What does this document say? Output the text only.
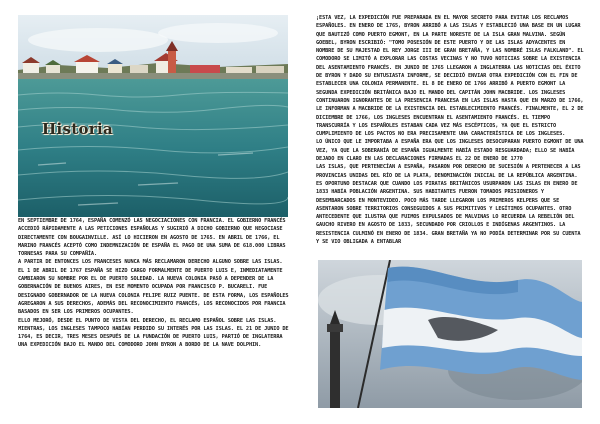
Historia
EN SEPTIEMBRE DE 1764, ESPAÑA COMENZÓ LAS NEGOCIACIONES CON FRANCIA. EL GOBIERNO FRANCÉS ACCEDIÓ RÁPIDAMENTE A LAS PETICIONES ESPAÑOLAS Y SUGIRIÓ A DICHO GOBIERNO QUE NEGOCIASE DIRECTAMENTE CON BOUGAINVILLE. ASÍ LO HICIERON EN AGOSTO DE 1765. EN ABRIL DE 1766, EL MARINO FRANCÉS ACEPTÓ COMO INDEMNIZACIÓN DE ESPAÑA EL PAGO DE UNA SUMA DE 618.000 LIBRAS TORNESAS PARA SU COMPAÑÍA.
A PARTIR DE ENTONCES LOS FRANCESES NUNCA MÁS RECLAMARON DERECHO ALGUNO SOBRE LAS ISLAS. EL 1 DE ABRIL DE 1767 ESPAÑA SE HIZO CARGO FORMALMENTE DE PUERTO LUIS E, INMEDIATAMENTE CAMBIARON SU NOMBRE POR EL DE PUERTO SOLEDAD. LA NUEVA COLONIA PASÓ A DEPENDER DE LA GOBERNACIÓN DE BUENOS AIRES, EN ESE MOMENTO OCUPADA POR FRANCISCO P. BUCARELI. FUE DESIGNADO GOBERNADOR DE LA NUEVA COLONIA FELIPE RUIZ PUENTE. DE ESTA FORMA, LOS ESPAÑOLES AGREGARON A SUS DERECHOS, ADEMÁS DEL RECONOCIMIENTO FRANCÉS, LOS RECONOCIDOS POR FRANCIA BASADOS EN SER LOS PRIMEROS OCUPANTES.
ELLO MEJORÓ, DESDE EL PUNTO DE VISTA DEL DERECHO, EL RECLAMO ESPAÑOL SOBRE LAS ISLAS. MIENTRAS, LOS INGLESES TAMPOCO HABÍAN PERDIDO SU INTERÉS POR LAS ISLAS. EL 21 DE JUNIO DE 1764, ES DECIR, TRES MESES DESPUÉS DE LA FUNDACIÓN DE PUERTO LUIS, PARTIÓ DE INGLATERRA UNA EXPEDICIÓN BAJO EL MANDO DEL COMODORO JOHN BYRON A BORDO DE LA NAVE DOLPHIN.
¡ESTA VEZ, LA EXPEDICIÓN FUE PREPARADA EN EL MAYOR SECRETO PARA EVITAR LOS RECLAMOS ESPAÑOLES. EN ENERO DE 1765, BYRON ARRIBÓ A LAS ISLAS Y ESTABLECIÓ UNA BASE EN UN LUGAR QUE BAUTIZÓ COMO PUERTO EGMONT, EN LA PARTE NORESTE DE LA ISLA GRAN MALVINA. SEGÚN GOEBEL, BYRON ESCRIBIÓ: "TOMO POSESIÓN DE ESTE PUERTO Y DE LAS ISLAS ADYACENTES EN NOMBRE DE SU MAJESTAD EL REY JORGE III DE GRAN BRETAÑA, Y LAS NOMBRÉ ISLAS FALKLAND". EL COMODORO SE LIMITÓ A EXPLORAR LAS COSTAS VECINAS Y NO TUVO NOTICIAS SOBRE LA EXISTENCIA DEL ASENTAMIENTO FRANCÉS. EN JUNIO DE 1765 LLEGARON A INGLATERRA LAS NOTICIAS DEL ÉXITO DE BYRON Y DADO SU ENTUSIASTA INFORME, SE DECIDIÓ ENVIAR OTRA EXPEDICIÓN CON EL FIN DE ESTABLECER UNA COLONIA PERMANENTE. EL 8 DE ENERO DE 1766 ARRIBÓ A PUERTO EGMONT LA SEGUNDA EXPEDICIÓN BRITÁNICA BAJO EL MANDO DEL CAPITÁN JOHN MACBRIDE. LOS INGLESES CONTINUARON IGNORANTES DE LA PRESENCIA FRANCESA EN LAS ISLAS HASTA QUE EN MARZO DE 1766, LE INFORMAN A MACBRIDE DE LA EXISTENCIA DEL ESTABLECIMIENTO FRANCÉS. FINALMENTE, EL 2 DE DICIEMBRE DE 1766, LOS INGLESES ENCUENTRAN EL ASENTAMIENTO FRANCÉS. EL TIEMPO TRANSCURRÍA Y LOS ESPAÑOLES ESTABAN CADA VEZ MÁS ESCÉPTICOS, YA QUE EL ESTRICTO CUMPLIMIENTO DE LOS PACTOS NO ERA PRECISAMENTE UNA CARACTERÍSTICA DE LOS INGLESES.
LO ÚNICO QUE LE IMPORTABA A ESPAÑA ERA QUE LOS INGLESES DESOCUPARAN PUERTO EGMONT DE UNA VEZ, YA QUE LA SOBERANÍA DE ESPAÑA IGUALMENTE HABÍA ESTADO RESGUARDADA; ELLO SE HABÍA DEJADO EN CLARO EN LAS DECLARACIONES FIRMADAS EL 22 DE ENERO DE 1770
LAS ISLAS, QUE PERTENECÍAN A ESPAÑA, PASARON POR DERECHO DE SUCESIÓN A PERTENECER A LAS PROVINCIAS UNIDAS DEL RÍO DE LA PLATA, DENOMINACIÓN INICIAL DE LA REPÚBLICA ARGENTINA. ES OPORTUNO DESTACAR QUE CUANDO LOS PIRATAS BRITÁNICOS USURPARON LAS ISLAS EN ENERO DE 1833 HABÍA POBLACIÓN ARGENTINA. SUS HABITANTES FUERON TOMADOS PRISIONEROS Y DESEMBARCADOS EN MONTEVIDEO. POCO MÁS TARDE LLEGARON LOS PRIMEROS KELPERS QUE SE ASENTARON SOBRE TERRITORIOS CONSEGUIDOS A SUS PRIMITIVOS Y LEGÍTIMOS OCUPANTES. OTRO ANTECEDENTE QUE ILUSTRA QUE FUIMOS EXPULSADOS DE MALVINAS LO RECUERDA LA REBELIÓN DEL GAUCHO RIVERO EN AGOSTO DE 1833, SECUNDADO POR CRIOLLOS E INDÍGENAS ARGENTINOS. LA RESISTENCIA CULMINÓ EN ENERO DE 1834. GRAN BRETAÑA YA NO PODÍA DETERMINAR POR SU CUENTA Y SE VIO OBLIGADA A ENTABLAR
